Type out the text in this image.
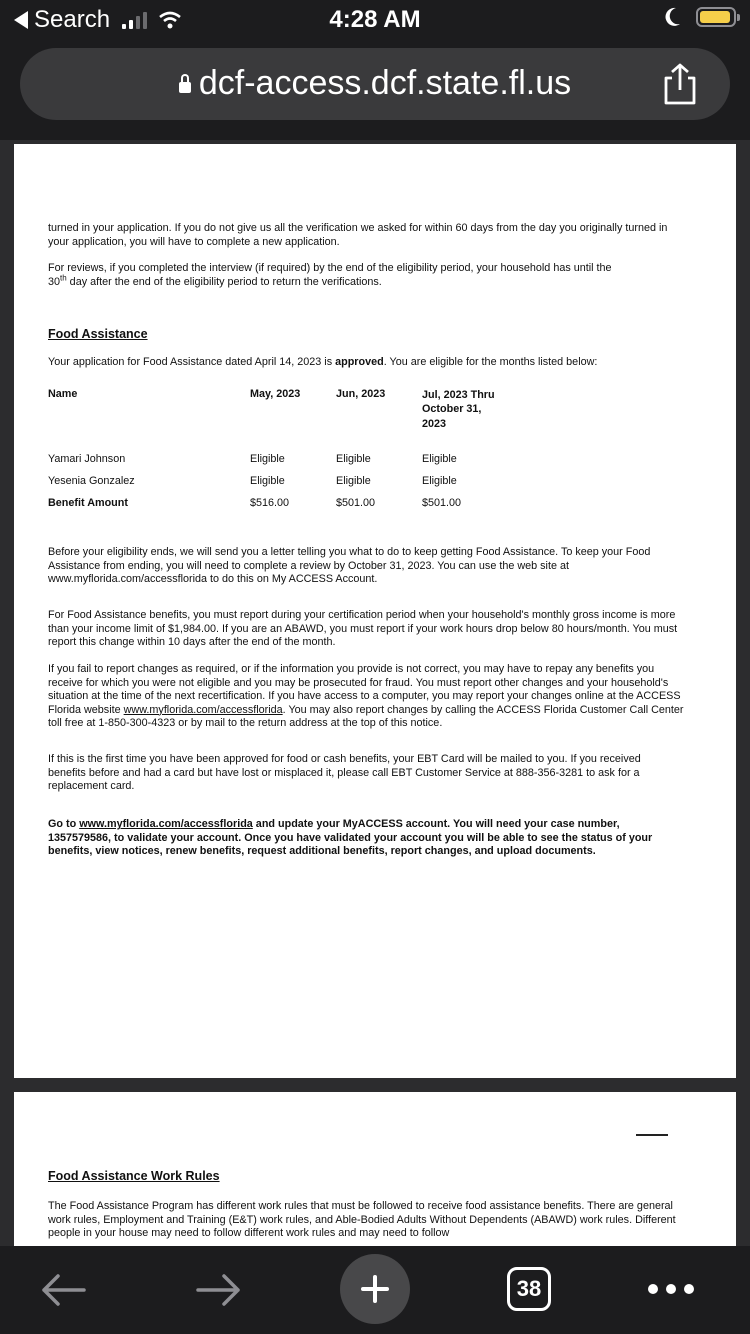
Search	4:28 AM
dcf-access.dcf.state.fl.us
turned in your application. If you do not give us all the verification we asked for within 60 days from the day you originally turned in your application, you will have to complete a new application.
For reviews, if you completed the interview (if required) by the end of the eligibility period, your household has until the
30th day after the end of the eligibility period to return the verifications.
Food Assistance
Your application for Food Assistance dated April 14, 2023 is approved. You are eligible for the months listed below:
Name	May, 2023	Jun, 2023	Jul, 2023 Thru October 31, 2023
Yamari Johnson	Eligible	Eligible	Eligible
Yesenia Gonzalez	Eligible	Eligible	Eligible
Benefit Amount	$516.00	$501.00	$501.00
Before your eligibility ends, we will send you a letter telling you what to do to keep getting Food Assistance. To keep your Food Assistance from ending, you will need to complete a review by October 31, 2023. You can use the web site at www.myflorida.com/accessflorida to do this on My ACCESS Account.
For Food Assistance benefits, you must report during your certification period when your household's monthly gross income is more than your income limit of $1,984.00. If you are an ABAWD, you must report if your work hours drop below 80 hours/month. You must report this change within 10 days after the end of the month.
If you fail to report changes as required, or if the information you provide is not correct, you may have to repay any benefits you receive for which you were not eligible and you may be prosecuted for fraud. You must report other changes and your household's situation at the time of the next recertification. If you have access to a computer, you may report your changes online at the ACCESS Florida website www.myflorida.com/accessflorida. You may also report changes by calling the ACCESS Florida Customer Call Center toll free at 1-850-300-4323 or by mail to the return address at the top of this notice.
If this is the first time you have been approved for food or cash benefits, your EBT Card will be mailed to you. If you received benefits before and had a card but have lost or misplaced it, please call EBT Customer Service at 888-356-3281 to ask for a replacement card.
Go to www.myflorida.com/accessflorida and update your MyACCESS account. You will need your case number, 1357579586, to validate your account. Once you have validated your account you will be able to see the status of your benefits, view notices, renew benefits, request additional benefits, report changes, and upload documents.
Food Assistance Work Rules
The Food Assistance Program has different work rules that must be followed to receive food assistance benefits. There are general work rules, Employment and Training (E&T) work rules, and Able-Bodied Adults Without Dependents (ABAWD) work rules. Different people in your house may need to follow different work rules and may need to follow
38
